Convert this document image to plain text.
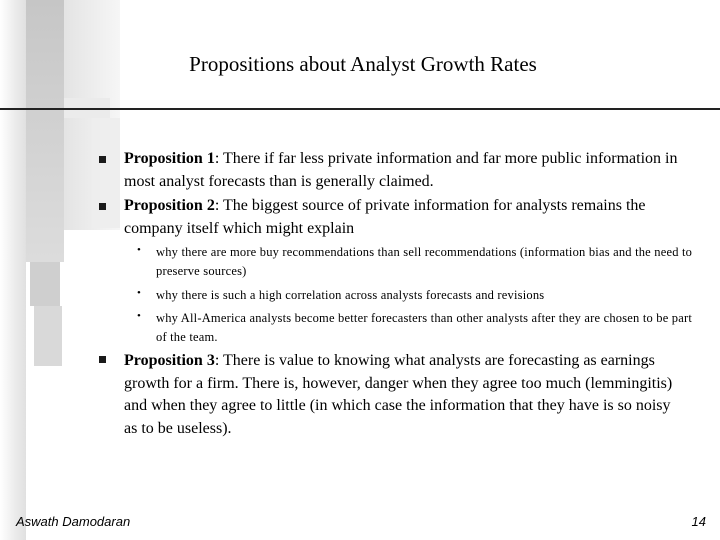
Propositions about Analyst Growth Rates
Proposition 1: There if far less private information and far more public information in most analyst forecasts than is generally claimed.
Proposition 2: The biggest source of private information for analysts remains the company itself which might explain
• why there are more buy recommendations than sell recommendations (information bias and the need to preserve sources)
• why there is such a high correlation across analysts forecasts and revisions
• why All-America analysts become better forecasters than other analysts after they are chosen to be part of the team.
Proposition 3: There is value to knowing what analysts are forecasting as earnings growth for a firm. There is, however, danger when they agree too much (lemmingitis) and when they agree to little (in which case the information that they have is so noisy as to be useless).
Aswath Damodaran	14
